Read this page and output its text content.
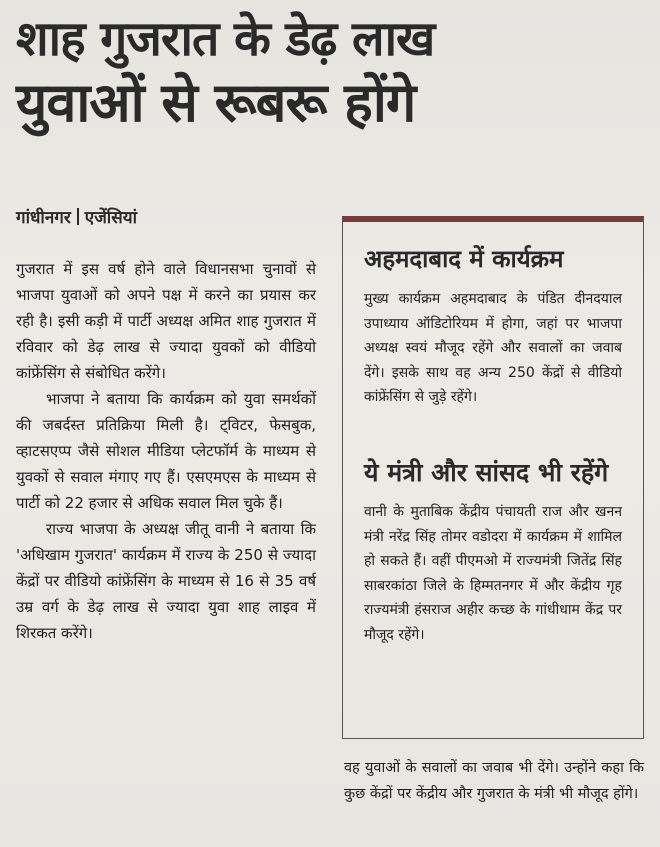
शाह गुजरात के डेढ़ लाख
युवाओं से रूबरू होंगे
गांधीनगर एजेंसियां

गुजरात में इस वर्ष होने वाले विधानसभा चुनावों से भाजपा युवाओं को अपने पक्ष में करने का प्रयास कर रही है। इसी कड़ी में पार्टी अध्यक्ष अमित शाह गुजरात में रविवार को डेढ़ लाख से ज्यादा युवकों को वीडियो कांफ्रेंसिंग से संबोधित करेंगे।

भाजपा ने बताया कि कार्यक्रम को युवा समर्थकों की जबर्दस्त प्रतिक्रिया मिली है। ट्विटर, फेसबुक, व्हाटसएप्प जैसे सोशल मीडिया प्लेटफॉर्म के माध्यम से युवकों से सवाल मंगाए गए हैं। एसएमएस के माध्यम से पार्टी को 22 हजार से अधिक सवाल मिल चुके हैं।

राज्य भाजपा के अध्यक्ष जीतू वानी ने बताया कि 'अधिखाम गुजरात' कार्यक्रम में राज्य के 250 से ज्यादा केंद्रों पर वीडियो कांफ्रेंसिंग के माध्यम से 16 से 35 वर्ष उम्र वर्ग के डेढ़ लाख से ज्यादा युवा शाह लाइव में शिरकत करेंगे।

अहमदाबाद में कार्यक्रम
मुख्य कार्यक्रम अहमदाबाद के पंडित दीनदयाल उपाध्याय ऑडिटोरियम में होगा, जहां पर भाजपा अध्यक्ष स्वयं मौजूद रहेंगे और सवालों का जवाब देंगे। इसके साथ वह अन्य 250 केंद्रों से वीडियो कांफ्रेंसिंग से जुड़े रहेंगे।
ये मंत्री और सांसद भी रहेंगे
वानी के मुताबिक केंद्रीय पंचायती राज और खनन मंत्री नरेंद्र सिंह तोमर वडोदरा में कार्यक्रम में शामिल हो सकते हैं। वहीं पीएमओ में राज्यमंत्री जितेंद्र सिंह साबरकांठा जिले के हिम्मतनगर में और केंद्रीय गृह राज्यमंत्री हंसराज अहीर कच्छ के गांधीधाम केंद्र पर मौजूद रहेंगे।
वह युवाओं के सवालों का जवाब भी देंगे। उन्होंने कहा कि कुछ केंद्रों पर केंद्रीय और गुजरात के मंत्री भी मौजूद होंगे।
